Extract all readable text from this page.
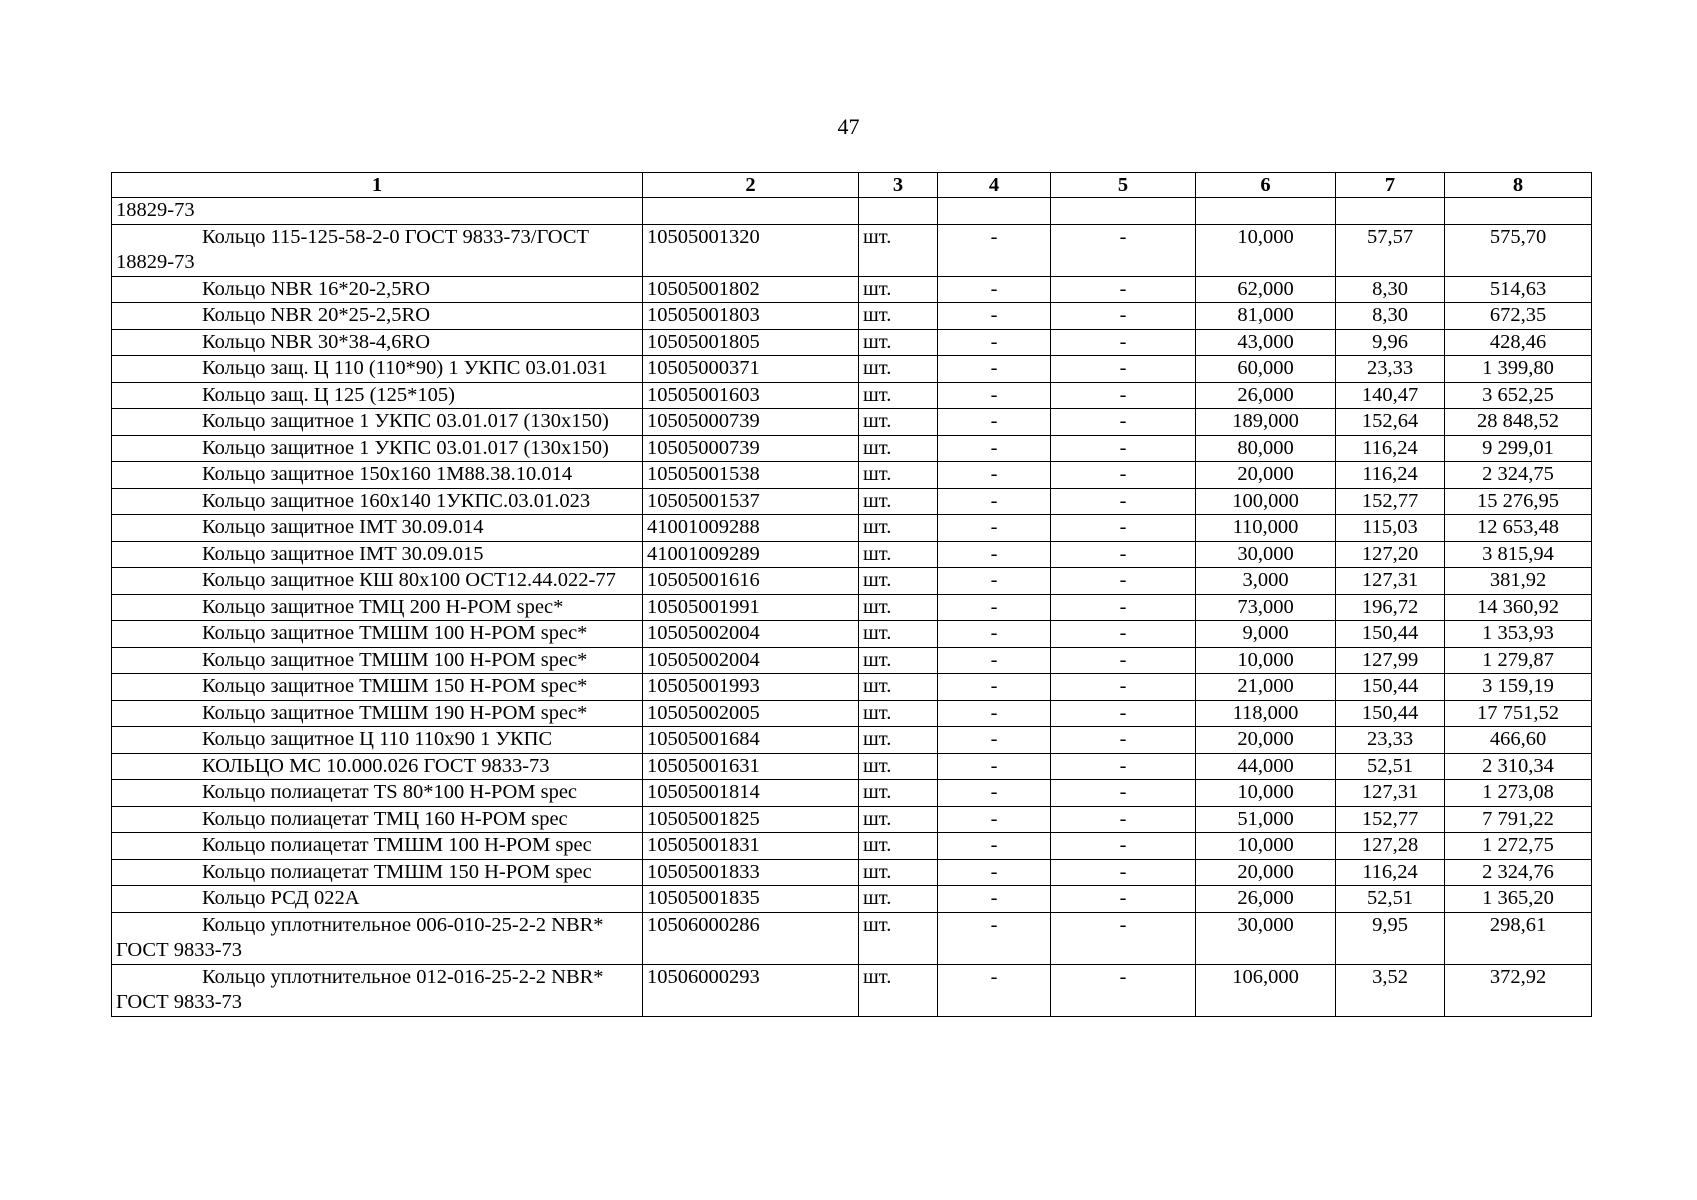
47
1	2	3	4	5	6	7	8
18829-73							
Кольцо 115-125-58-2-0 ГОСТ 9833-73/ГОСТ 18829-73	10505001320	шт.	-	-	10,000	57,57	575,70
Кольцо NBR 16*20-2,5RO	10505001802	шт.	-	-	62,000	8,30	514,63
Кольцо NBR 20*25-2,5RO	10505001803	шт.	-	-	81,000	8,30	672,35
Кольцо NBR 30*38-4,6RO	10505001805	шт.	-	-	43,000	9,96	428,46
Кольцо защ. Ц 110 (110*90) 1 УКПС 03.01.031	10505000371	шт.	-	-	60,000	23,33	1 399,80
Кольцо защ. Ц 125 (125*105)	10505001603	шт.	-	-	26,000	140,47	3 652,25
Кольцо защитное 1 УКПС 03.01.017 (130x150)	10505000739	шт.	-	-	189,000	152,64	28 848,52
Кольцо защитное 1 УКПС 03.01.017 (130x150)	10505000739	шт.	-	-	80,000	116,24	9 299,01
Кольцо защитное 150x160 1M88.38.10.014	10505001538	шт.	-	-	20,000	116,24	2 324,75
Кольцо защитное 160x140 1УКПС.03.01.023	10505001537	шт.	-	-	100,000	152,77	15 276,95
Кольцо защитное IMT 30.09.014	41001009288	шт.	-	-	110,000	115,03	12 653,48
Кольцо защитное IMT 30.09.015	41001009289	шт.	-	-	30,000	127,20	3 815,94
Кольцо защитное КШ 80x100 ОСТ12.44.022-77	10505001616	шт.	-	-	3,000	127,31	381,92
Кольцо защитное ТМЦ 200 H-POM spec*	10505001991	шт.	-	-	73,000	196,72	14 360,92
Кольцо защитное ТМШМ 100 H-POM spec*	10505002004	шт.	-	-	9,000	150,44	1 353,93
Кольцо защитное ТМШМ 100 H-POM spec*	10505002004	шт.	-	-	10,000	127,99	1 279,87
Кольцо защитное ТМШМ 150 H-POM spec*	10505001993	шт.	-	-	21,000	150,44	3 159,19
Кольцо защитное ТМШМ 190 H-POM spec*	10505002005	шт.	-	-	118,000	150,44	17 751,52
Кольцо защитное Ц 110 110x90 1 УКПС	10505001684	шт.	-	-	20,000	23,33	466,60
КОЛЬЦО МС 10.000.026 ГОСТ 9833-73	10505001631	шт.	-	-	44,000	52,51	2 310,34
Кольцо полиацетат TS 80*100 H-POM spec	10505001814	шт.	-	-	10,000	127,31	1 273,08
Кольцо полиацетат ТМЦ 160 H-POM spec	10505001825	шт.	-	-	51,000	152,77	7 791,22
Кольцо полиацетат ТМШМ 100 H-POM spec	10505001831	шт.	-	-	10,000	127,28	1 272,75
Кольцо полиацетат ТМШМ 150 H-POM spec	10505001833	шт.	-	-	20,000	116,24	2 324,76
Кольцо РСД 022А	10505001835	шт.	-	-	26,000	52,51	1 365,20
Кольцо уплотнительное 006-010-25-2-2 NBR* ГОСТ 9833-73	10506000286	шт.	-	-	30,000	9,95	298,61
Кольцо уплотнительное 012-016-25-2-2 NBR* ГОСТ 9833-73	10506000293	шт.	-	-	106,000	3,52	372,92
